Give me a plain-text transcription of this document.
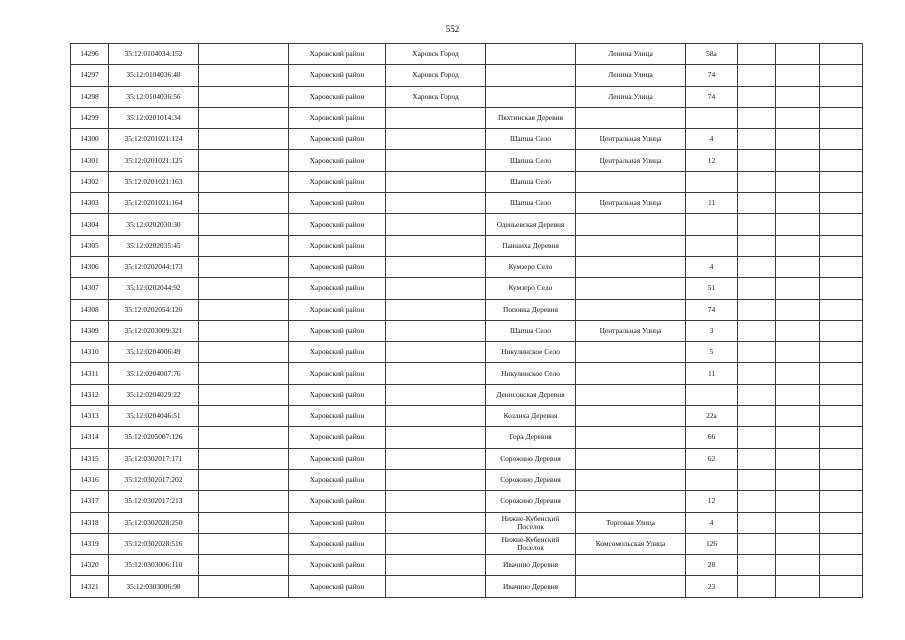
552
14296	35:12:0104034:152		Харовский район	Харовск Город		Ленина Улица	58а			
14297	35:12:0104036:48		Харовский район	Харовск Город		Ленина Улица	74			
14298	35:12:0104036:56		Харовский район	Харовск Город		Ленина Улица	74			
14299	35:12:0201014:34		Харовский район		Пяхтинская Деревня					
14300	35:12:0201021:124		Харовский район		Шапша Село	Центральная Улица	4			
14301	35:12:0201021:125		Харовский район		Шапша Село	Центральная Улица	12			
14302	35:12:0201021:163		Харовский район		Шапша Село					
14303	35:12:0201021:164		Харовский район		Шапша Село	Центральная Улица	11			
14304	35:12:0202030:30		Харовский район		Оденьевская Деревня					
14305	35:12:0202035:45		Харовский район		Павшиха Деревня					
14306	35:12:0202044:173		Харовский район		Кумзеро Село		4			
14307	35:12:0202044:92		Харовский район		Кумзеро Село		51			
14308	35:12:0202054:120		Харовский район		Поповка Деревня		74			
14309	35:12:0203009:321		Харовский район		Шапша Село	Центральная Улица	3			
14310	35:12:0204006:49		Харовский район		Никулинское Село		5			
14311	35:12:0204007:76		Харовский район		Никулинское Село		11			
14312	35:12:0204029:22		Харовский район		Денисовская Деревня					
14313	35:12:0204046:51		Харовский район		Козлиха Деревня		22а			
14314	35:12:0205007:126		Харовский район		Гора Деревня		66			
14315	35:12:0302017:171		Харовский район		Сорожино Деревня		62			
14316	35:12:0302017:202		Харовский район		Сорожино Деревня					
14317	35:12:0302017:213		Харовский район		Сорожино Деревня		12			
14318	35:12:0302028:250		Харовский район		Нижне-Кубенский Поселок	Торговая Улица	4			
14319	35:12:0302028:516		Харовский район		Нижне-Кубенский Поселок	Комсомольская Улица	126			
14320	35:12:0303006:110		Харовский район		Ивачино Деревня		28			
14321	35:12:0303006:98		Харовский район		Ивачино Деревня		23			
